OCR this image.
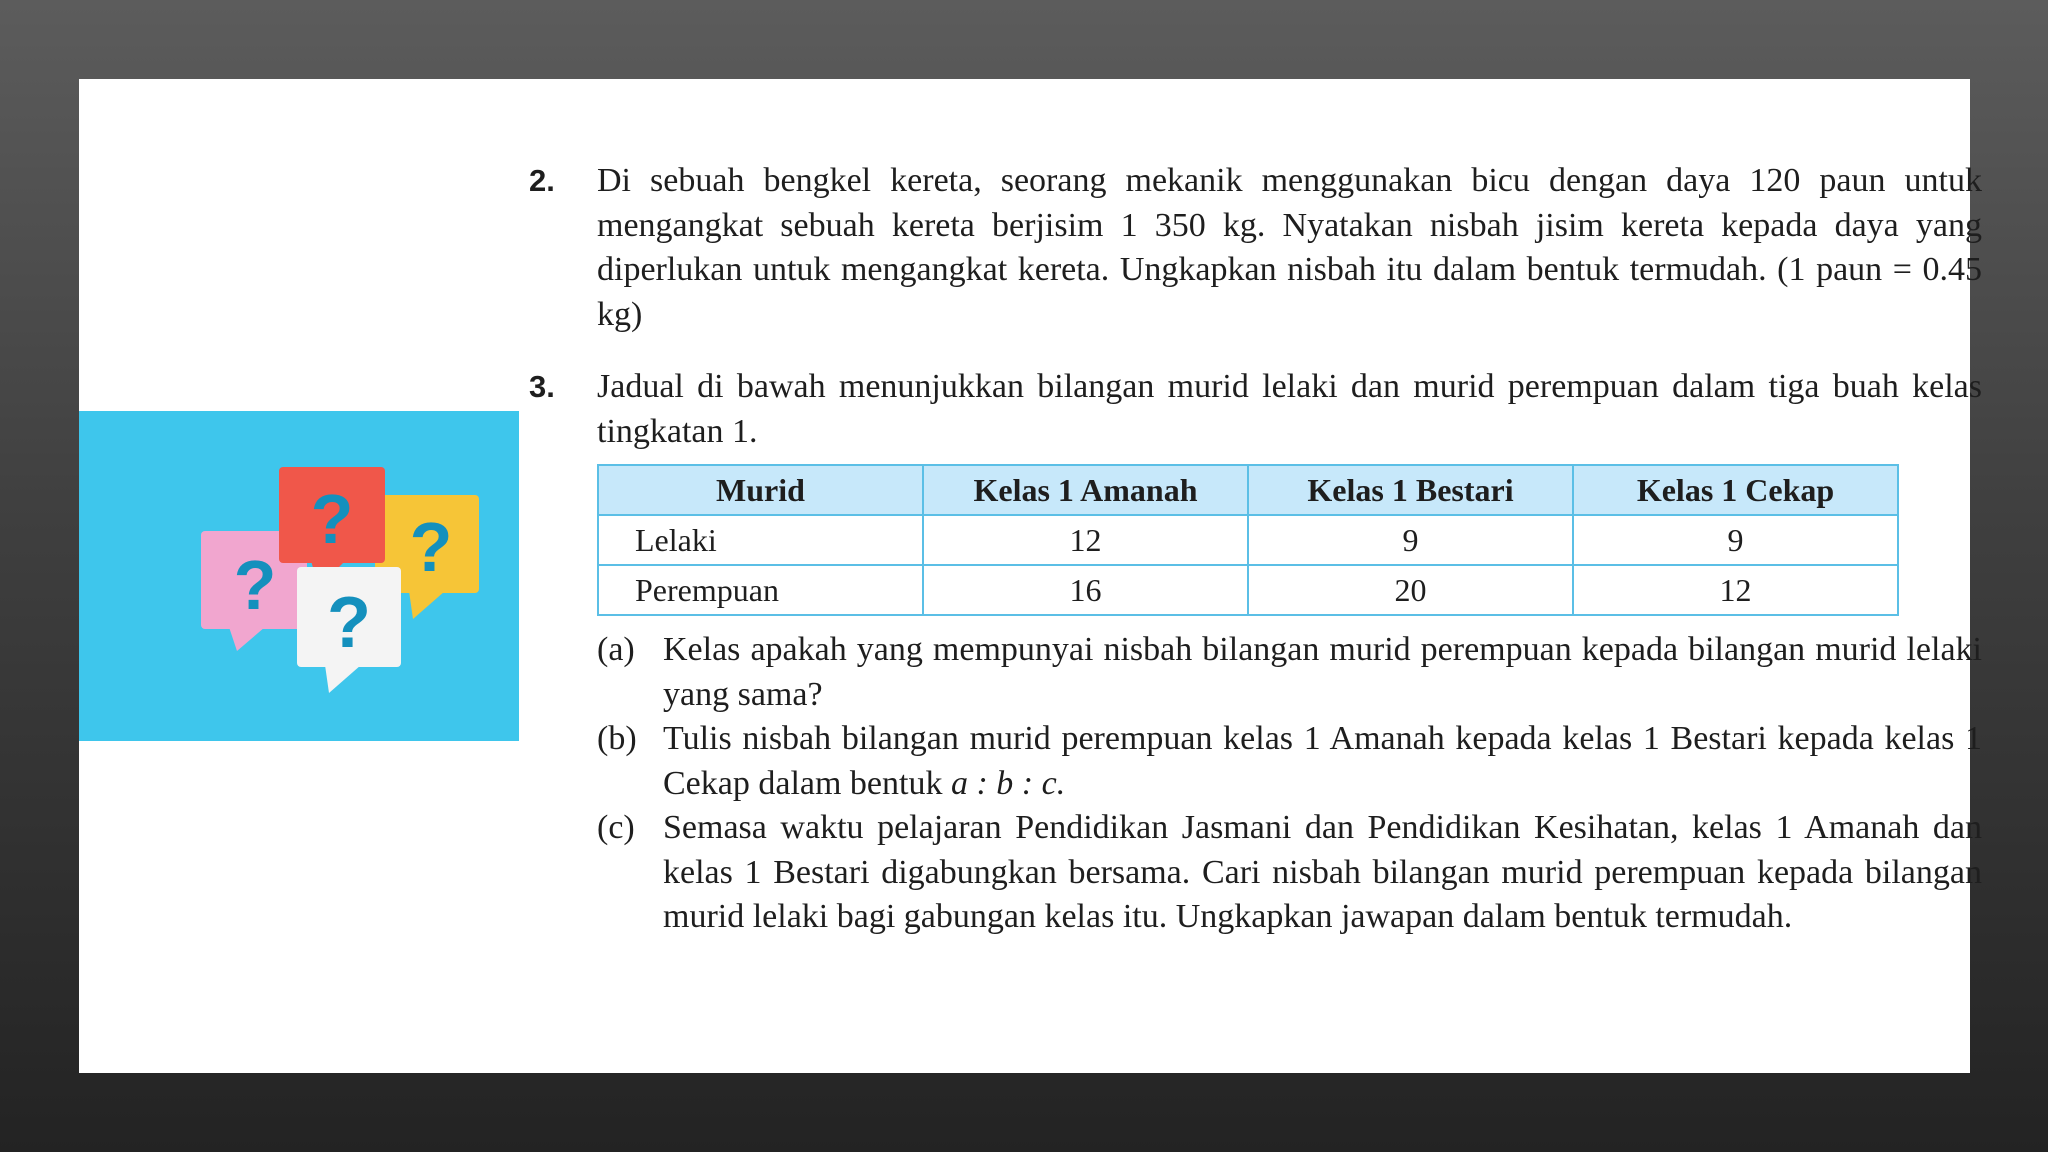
?
?
?
?
2.	Di sebuah bengkel kereta, seorang mekanik menggunakan bicu dengan daya 120 paun untuk mengangkat sebuah kereta berjisim 1 350 kg. Nyatakan nisbah jisim kereta kepada daya yang diperlukan untuk mengangkat kereta. Ungkapkan nisbah itu dalam bentuk termudah. (1 paun = 0.45 kg)
3.	Jadual di bawah menunjukkan bilangan murid lelaki dan murid perempuan dalam tiga buah kelas tingkatan 1.
Murid	Kelas 1 Amanah	Kelas 1 Bestari	Kelas 1 Cekap
Lelaki	12	9	9
Perempuan	16	20	12
(a) Kelas apakah yang mempunyai nisbah bilangan murid perempuan kepada bilangan murid lelaki yang sama?
(b) Tulis nisbah bilangan murid perempuan kelas 1 Amanah kepada kelas 1 Bestari kepada kelas 1 Cekap dalam bentuk a : b : c.
(c) Semasa waktu pelajaran Pendidikan Jasmani dan Pendidikan Kesihatan, kelas 1 Amanah dan kelas 1 Bestari digabungkan bersama. Cari nisbah bilangan murid perempuan kepada bilangan murid lelaki bagi gabungan kelas itu. Ungkapkan jawapan dalam bentuk termudah.
